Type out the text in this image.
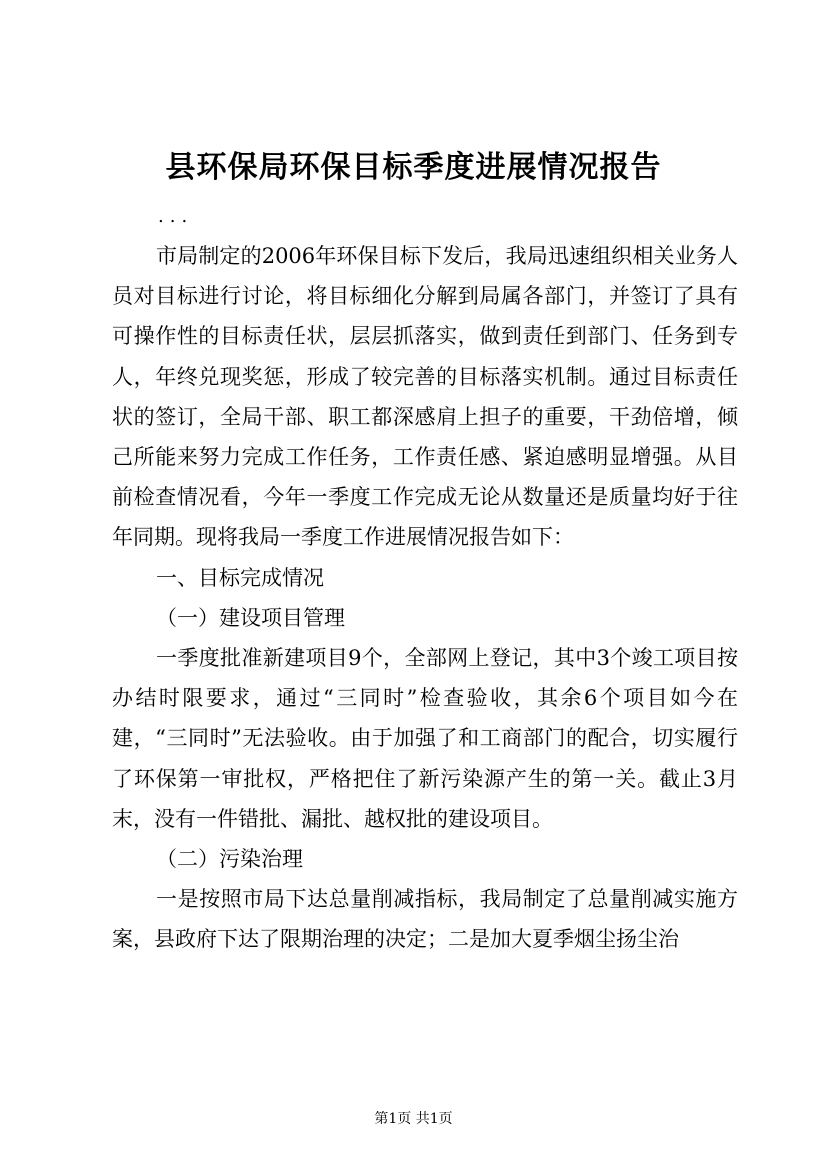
县环保局环保目标季度进展情况报告
...

市局制定的2006年环保目标下发后，我局迅速组织相关业务人员对目标进行讨论，将目标细化分解到局属各部门，并签订了具有可操作性的目标责任状，层层抓落实，做到责任到部门、任务到专人，年终兑现奖惩，形成了较完善的目标落实机制。通过目标责任状的签订，全局干部、职工都深感肩上担子的重要，干劲倍增，倾己所能来努力完成工作任务，工作责任感、紧迫感明显增强。从目前检查情况看，今年一季度工作完成无论从数量还是质量均好于往年同期。现将我局一季度工作进展情况报告如下：

一、目标完成情况

（一）建设项目管理

一季度批准新建项目9个，全部网上登记，其中3个竣工项目按办结时限要求，通过“三同时”检查验收，其余6个项目如今在建，“三同时”无法验收。由于加强了和工商部门的配合，切实履行了环保第一审批权，严格把住了新污染源产生的第一关。截止3月末，没有一件错批、漏批、越权批的建设项目。

（二）污染治理

一是按照市局下达总量削减指标，我局制定了总量削减实施方案，县政府下达了限期治理的决定；二是加大夏季烟尘扬尘治

第1页 共1页
